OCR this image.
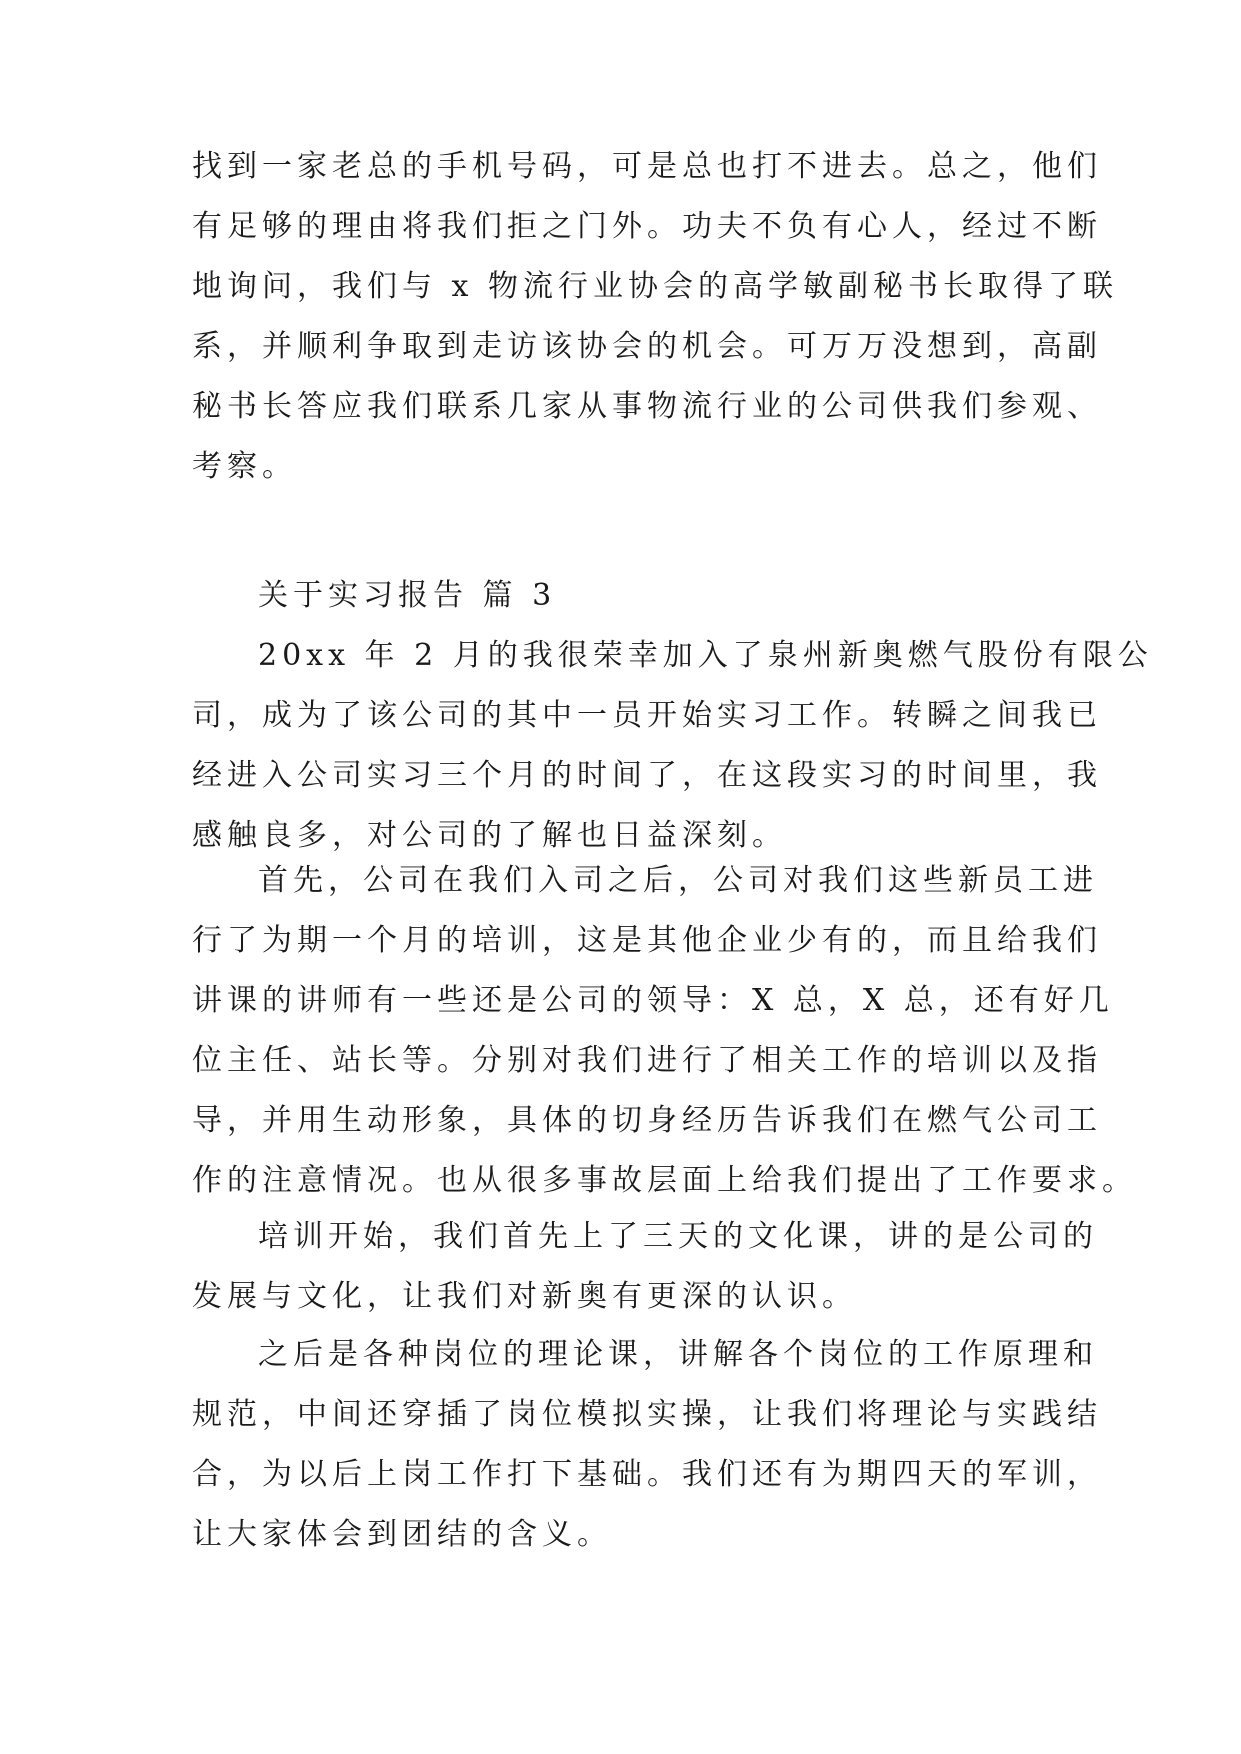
找到一家老总的手机号码，可是总也打不进去。总之，他们
有足够的理由将我们拒之门外。功夫不负有心人，经过不断
地询问，我们与 x 物流行业协会的高学敏副秘书长取得了联
系，并顺利争取到走访该协会的机会。可万万没想到，高副
秘书长答应我们联系几家从事物流行业的公司供我们参观、
考察。
关于实习报告 篇 3
20xx 年 2 月的我很荣幸加入了泉州新奥燃气股份有限公
司，成为了该公司的其中一员开始实习工作。转瞬之间我已
经进入公司实习三个月的时间了，在这段实习的时间里，我
感触良多，对公司的了解也日益深刻。
首先，公司在我们入司之后，公司对我们这些新员工进
行了为期一个月的培训，这是其他企业少有的，而且给我们
讲课的讲师有一些还是公司的领导：X 总，X 总，还有好几
位主任、站长等。分别对我们进行了相关工作的培训以及指
导，并用生动形象，具体的切身经历告诉我们在燃气公司工
作的注意情况。也从很多事故层面上给我们提出了工作要求。
培训开始，我们首先上了三天的文化课，讲的是公司的
发展与文化，让我们对新奥有更深的认识。
之后是各种岗位的理论课，讲解各个岗位的工作原理和
规范，中间还穿插了岗位模拟实操，让我们将理论与实践结
合，为以后上岗工作打下基础。我们还有为期四天的军训，
让大家体会到团结的含义。
